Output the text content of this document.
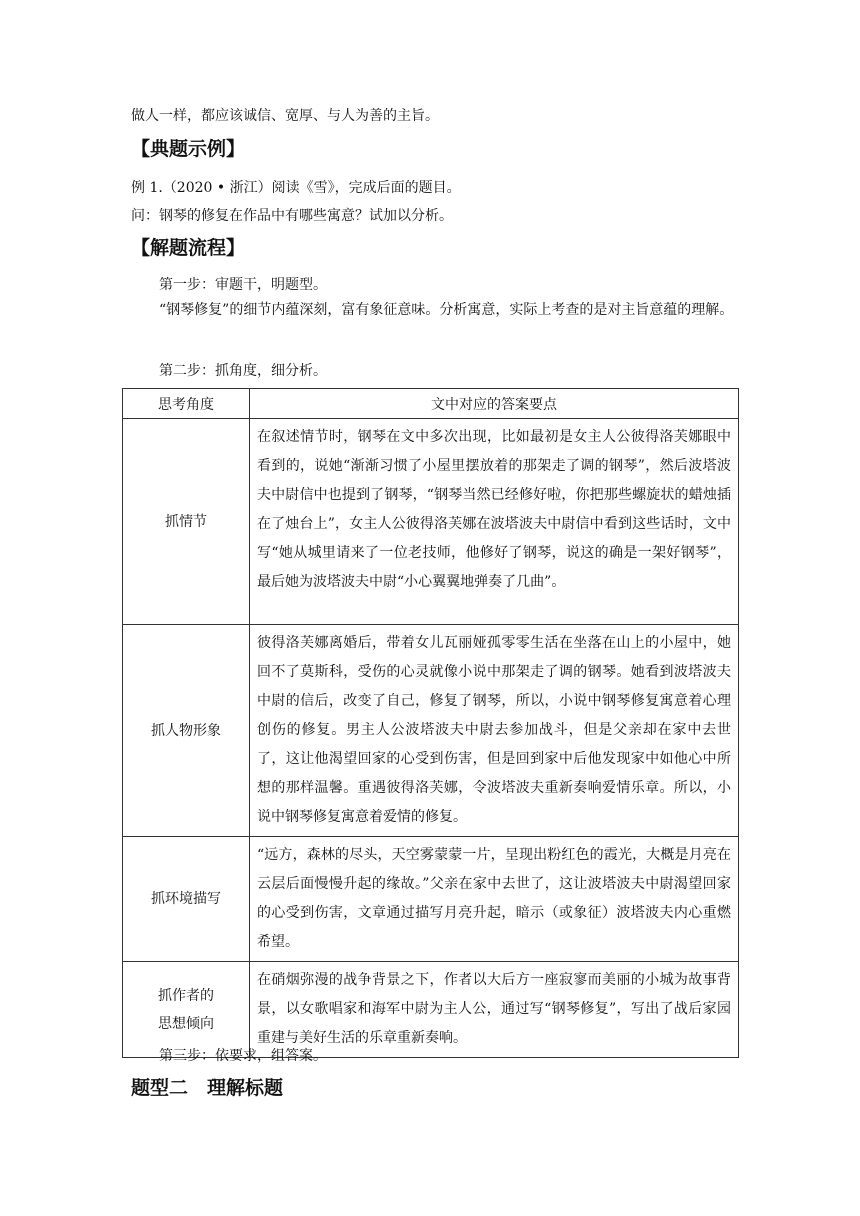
做人一样，都应该诚信、宽厚、与人为善的主旨。

【典题示例】

例 1.（2020 • 浙江）阅读《雪》，完成后面的题目。

问：钢琴的修复在作品中有哪些寓意？试加以分析。

【解题流程】

第一步：审题干，明题型。

“钢琴修复”的细节内蕴深刻，富有象征意味。分析寓意，实际上考查的是对主旨意蕴的理解。

第二步：抓角度，细分析。

思考角度	文中对应的答案要点
抓情节	在叙述情节时，钢琴在文中多次出现，比如最初是女主人公彼得洛芙娜眼中看到的，说她“渐渐习惯了小屋里摆放着的那架走了调的钢琴”，然后波塔波夫中尉信中也提到了钢琴，“钢琴当然已经修好啦，你把那些螺旋状的蜡烛插在了烛台上”，女主人公彼得洛芙娜在波塔波夫中尉信中看到这些话时，文中写“她从城里请来了一位老技师，他修好了钢琴，说这的确是一架好钢琴”，最后她为波塔波夫中尉“小心翼翼地弹奏了几曲”。
抓人物形象	彼得洛芙娜离婚后，带着女儿瓦丽娅孤零零生活在坐落在山上的小屋中，她回不了莫斯科，受伤的心灵就像小说中那架走了调的钢琴。她看到波塔波夫中尉的信后，改变了自己，修复了钢琴，所以，小说中钢琴修复寓意着心理创伤的修复。男主人公波塔波夫中尉去参加战斗，但是父亲却在家中去世了，这让他渴望回家的心受到伤害，但是回到家中后他发现家中如他心中所想的那样温馨。重遇彼得洛芙娜，令波塔波夫重新奏响爱情乐章。所以，小说中钢琴修复寓意着爱情的修复。
抓环境描写	“远方，森林的尽头，天空雾蒙蒙一片，呈现出粉红色的霞光，大概是月亮在云层后面慢慢升起的缘故。”父亲在家中去世了，这让波塔波夫中尉渴望回家的心受到伤害，文章通过描写月亮升起，暗示（或象征）波塔波夫内心重燃希望。
抓作者的
思想倾向	在硝烟弥漫的战争背景之下，作者以大后方一座寂寥而美丽的小城为故事背景，以女歌唱家和海军中尉为主人公，通过写“钢琴修复”，写出了战后家园重建与美好生活的乐章重新奏响。

第三步：依要求，组答案。

题型二　理解标题
